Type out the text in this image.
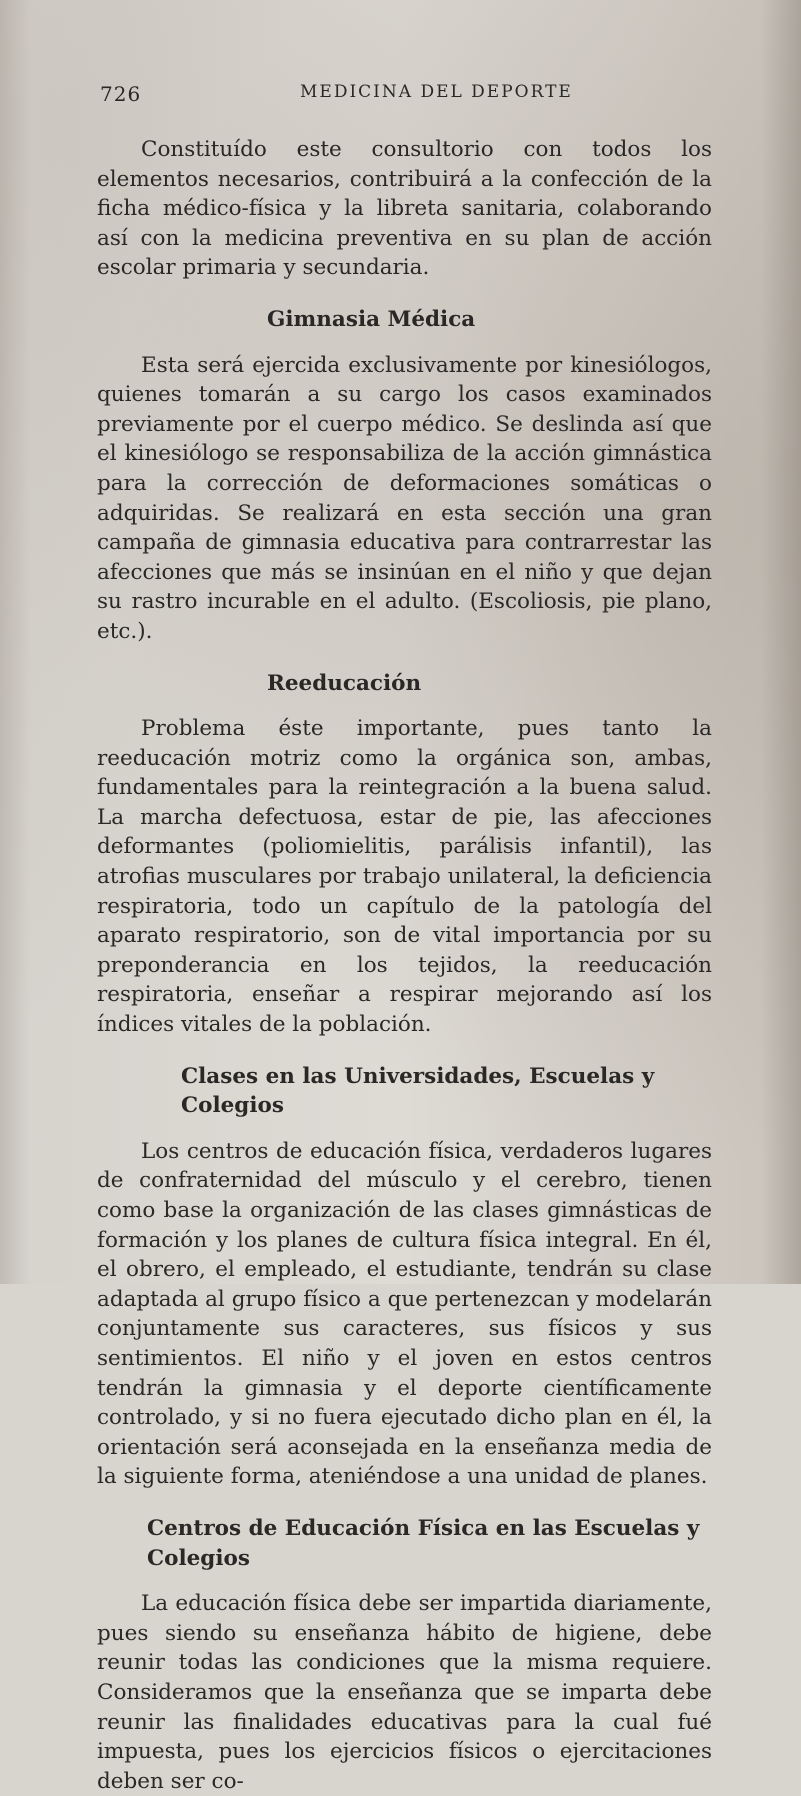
726	MEDICINA DEL DEPORTE

Constituído este consultorio con todos los elementos necesarios, contribuirá a la confección de la ficha médico-física y la libreta sanitaria, colaborando así con la medicina preventiva en su plan de acción escolar primaria y secundaria.

Gimnasia Médica

Esta será ejercida exclusivamente por kinesiólogos, quienes tomarán a su cargo los casos examinados previamente por el cuerpo médico. Se deslinda así que el kinesiólogo se responsabiliza de la acción gimnástica para la corrección de deformaciones somáticas o adquiridas. Se realizará en esta sección una gran campaña de gimnasia educativa para contrarrestar las afecciones que más se insinúan en el niño y que dejan su rastro incurable en el adulto. (Escoliosis, pie plano, etc.).

Reeducación

Problema éste importante, pues tanto la reeducación motriz como la orgánica son, ambas, fundamentales para la reintegración a la buena salud. La marcha defectuosa, estar de pie, las afecciones deformantes (poliomielitis, parálisis infantil), las atrofias musculares por trabajo unilateral, la deficiencia respiratoria, todo un capítulo de la patología del aparato respiratorio, son de vital importancia por su preponderancia en los tejidos, la reeducación respiratoria, enseñar a respirar mejorando así los índices vitales de la población.

Clases en las Universidades, Escuelas y Colegios

Los centros de educación física, verdaderos lugares de confraternidad del músculo y el cerebro, tienen como base la organización de las clases gimnásticas de formación y los planes de cultura física integral. En él, el obrero, el empleado, el estudiante, tendrán su clase adaptada al grupo físico a que pertenezcan y modelarán conjuntamente sus caracteres, sus físicos y sus sentimientos. El niño y el joven en estos centros tendrán la gimnasia y el deporte científicamente controlado, y si no fuera ejecutado dicho plan en él, la orientación será aconsejada en la enseñanza media de la siguiente forma, ateniéndose a una unidad de planes.

Centros de Educación Física en las Escuelas y Colegios

La educación física debe ser impartida diariamente, pues siendo su enseñanza hábito de higiene, debe reunir todas las condiciones que la misma requiere. Consideramos que la enseñanza que se imparta debe reunir las finalidades educativas para la cual fué impuesta, pues los ejercicios físicos o ejercitaciones deben ser co-
